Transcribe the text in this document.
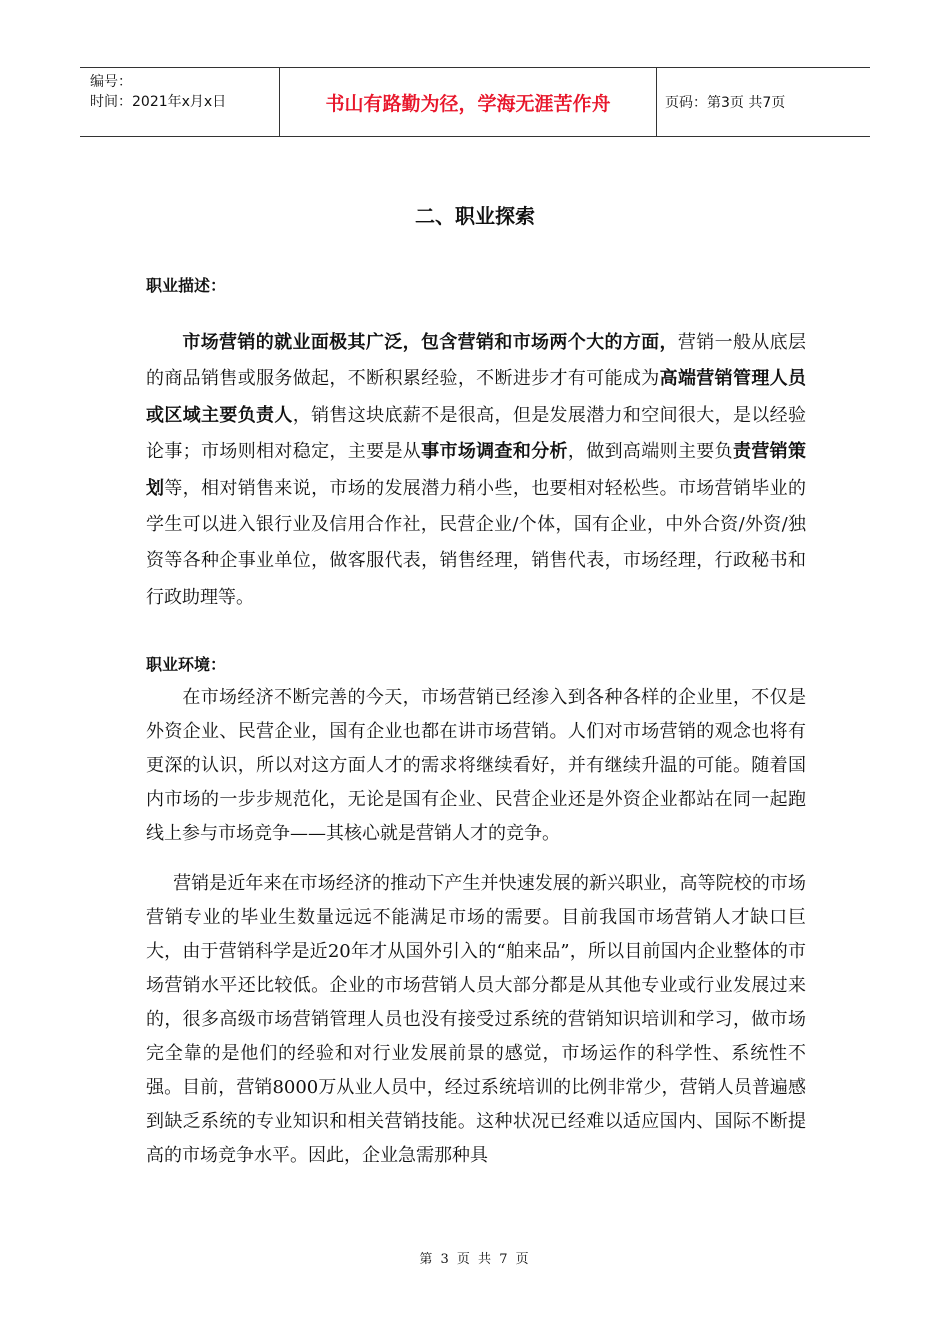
编号：
时间：2021年x月x日	书山有路勤为径，学海无涯苦作舟	页码：第3页 共7页
二、职业探索
职业描述：

市场营销的就业面极其广泛，包含营销和市场两个大的方面，营销一般从底层的商品销售或服务做起，不断积累经验，不断进步才有可能成为高端营销管理人员或区域主要负责人，销售这块底薪不是很高，但是发展潜力和空间很大，是以经验论事；市场则相对稳定，主要是从事市场调查和分析，做到高端则主要负责营销策划等，相对销售来说，市场的发展潜力稍小些，也要相对轻松些。市场营销毕业的学生可以进入银行业及信用合作社，民营企业/个体，国有企业，中外合资/外资/独资等各种企事业单位，做客服代表，销售经理，销售代表，市场经理，行政秘书和行政助理等。

职业环境：

在市场经济不断完善的今天，市场营销已经渗入到各种各样的企业里，不仅是外资企业、民营企业，国有企业也都在讲市场营销。人们对市场营销的观念也将有更深的认识，所以对这方面人才的需求将继续看好，并有继续升温的可能。随着国内市场的一步步规范化，无论是国有企业、民营企业还是外资企业都站在同一起跑线上参与市场竞争——其核心就是营销人才的竞争。

营销是近年来在市场经济的推动下产生并快速发展的新兴职业，高等院校的市场营销专业的毕业生数量远远不能满足市场的需要。目前我国市场营销人才缺口巨大，由于营销科学是近20年才从国外引入的“舶来品”，所以目前国内企业整体的市场营销水平还比较低。企业的市场营销人员大部分都是从其他专业或行业发展过来的，很多高级市场营销管理人员也没有接受过系统的营销知识培训和学习，做市场完全靠的是他们的经验和对行业发展前景的感觉，市场运作的科学性、系统性不强。目前，营销8000万从业人员中，经过系统培训的比例非常少，营销人员普遍感到缺乏系统的专业知识和相关营销技能。这种状况已经难以适应国内、国际不断提高的市场竞争水平。因此，企业急需那种具

第 3 页 共 7 页
